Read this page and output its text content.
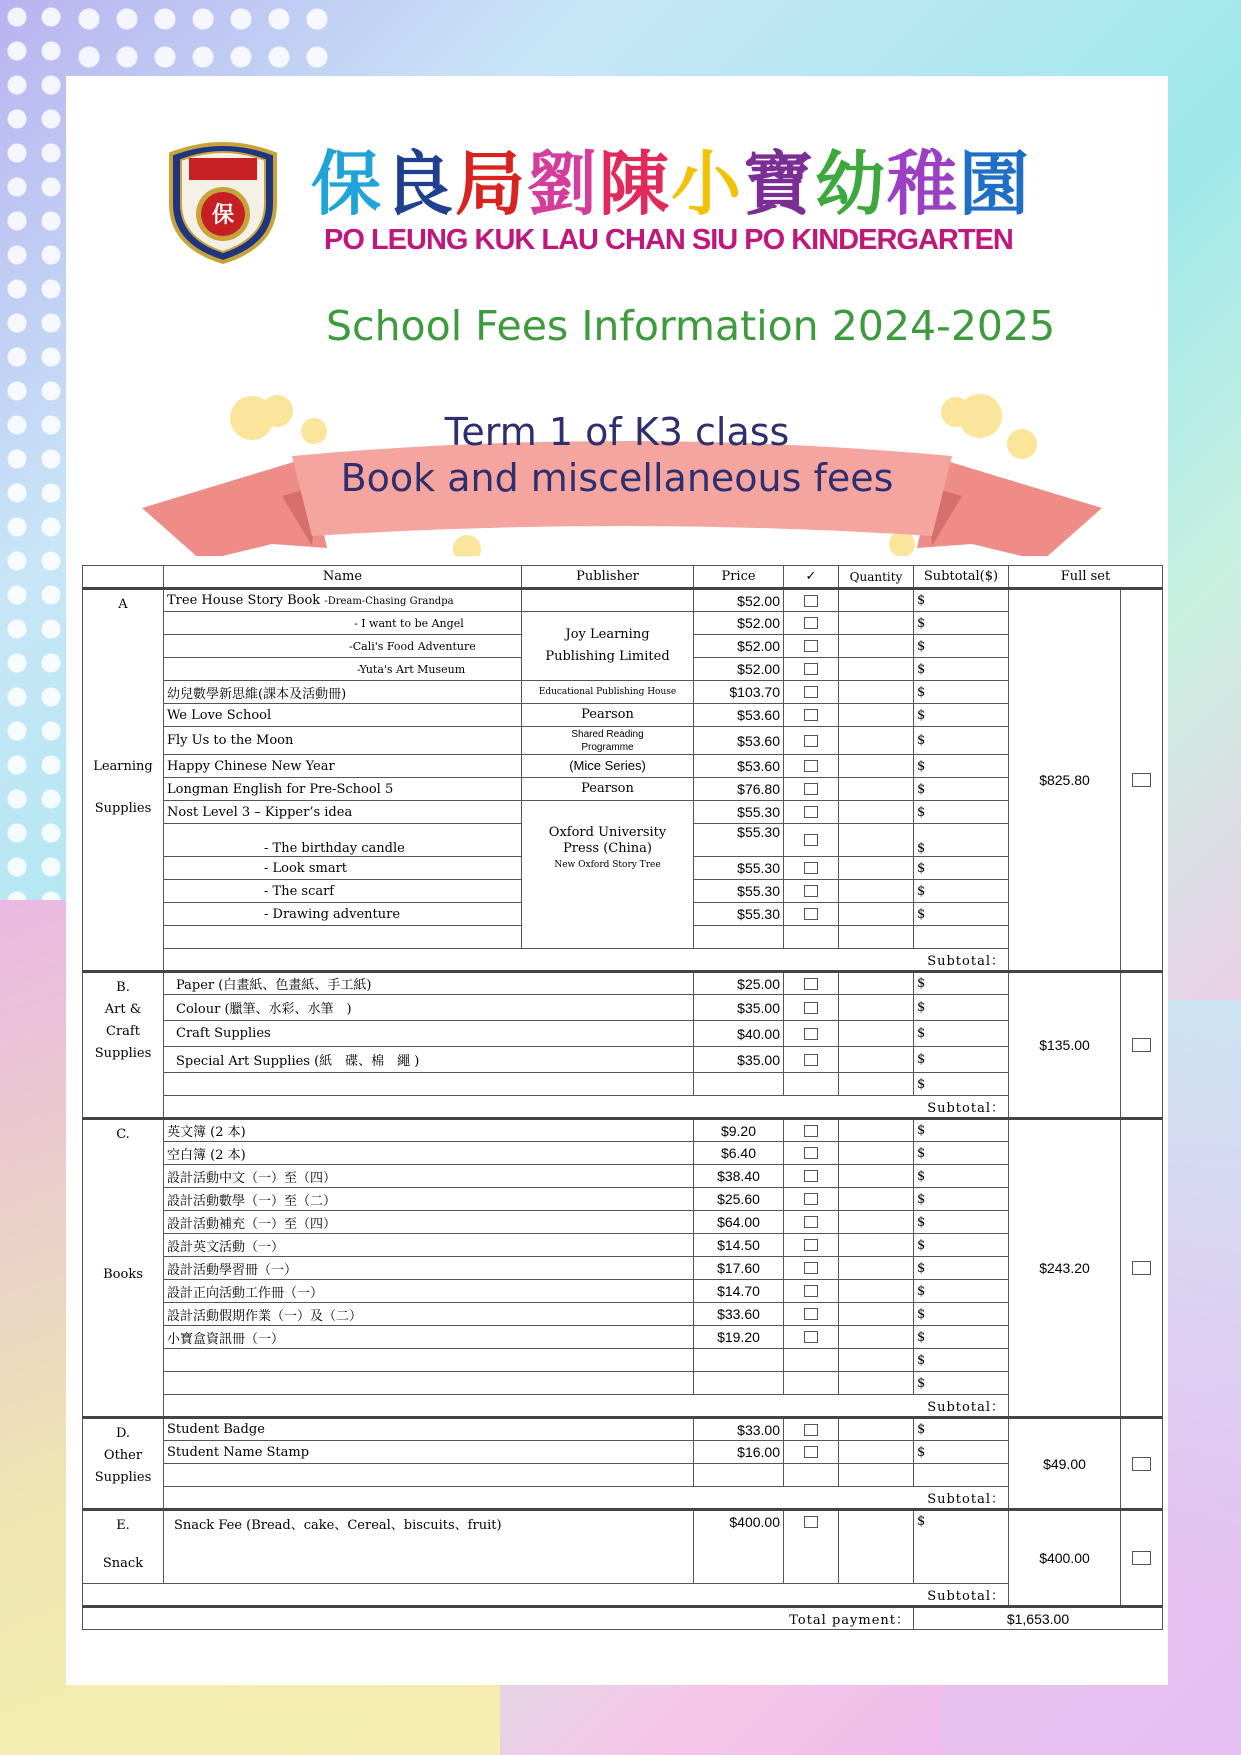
保 保良局劉陳小寶幼稚園
PO LEUNG KUK LAU CHAN SIU PO KINDERGARTEN
School Fees Information 2024-2025
Term 1 of K3 class
Book and miscellaneous fees
	Name	Publisher	Price	✓	Quantity	Subtotal($)	Full set		

A
Learning
Supplies	Tree House Story Book -Dream-Chasing Grandpa		$52.00			$	$825.80		
	- I want to be Angel	Joy Learning
Publishing Limited	$52.00			$			
	-Cali's Food Adventure		$52.00			$			
	-Yuta's Art Museum		$52.00			$			
	幼兒數學新思維(課本及活動冊)	Educational Publishing House	$103.70			$			
	We Love School	Pearson	$53.60			$			
	Fly Us to the Moon	Shared Reading
Programme	$53.60			$			
	Happy Chinese New Year	(Mice Series)	$53.60			$			
	Longman English for Pre-School 5	Pearson	$76.80			$			
	Nost Level 3 – Kipper’s idea	Oxford University
Press (China)
New Oxford Story Tree	$55.30			$			
	- The birthday candle		$55.30			$			
	- Look smart		$55.30			$			
	- The scarf		$55.30			$			
	- Drawing adventure		$55.30			$			

	Subtotal：								

B.
Art &
Craft
Supplies	Paper (白畫紙、色畫紙、手工紙)		$25.00			$	$135.00		
	Colour (臘筆、水彩、水筆　)		$35.00			$			
	Craft Supplies		$40.00			$			
	Special Art Supplies (紙　碟、棉　繩 )		$35.00			$			
						$			
	Subtotal：								

C.
Books	英文簿 (2 本)		$9.20			$	$243.20		
	空白簿 (2 本)		$6.40			$			
	設計活動中文（一）至（四）		$38.40			$			
	設計活動數學（一）至（二）		$25.60			$			
	設計活動補充（一）至（四）		$64.00			$			
	設計英文活動（一）		$14.50			$			
	設計活動學習冊（一）		$17.60			$			
	設計正向活動工作冊（一）		$14.70			$			
	設計活動假期作業（一）及（二）		$33.60			$			
	小寶盒資訊冊（一）		$19.20			$			
						$			
						$			
	Subtotal：								

D.
Other
Supplies	Student Badge		$33.00			$	$49.00		
	Student Name Stamp		$16.00			$			

	Subtotal：								

E.
Snack	Snack Fee (Bread、cake、Cereal、biscuits、fruit)		$400.00			$	$400.00		
Subtotal：									
Total payment：						$1,653.00			
